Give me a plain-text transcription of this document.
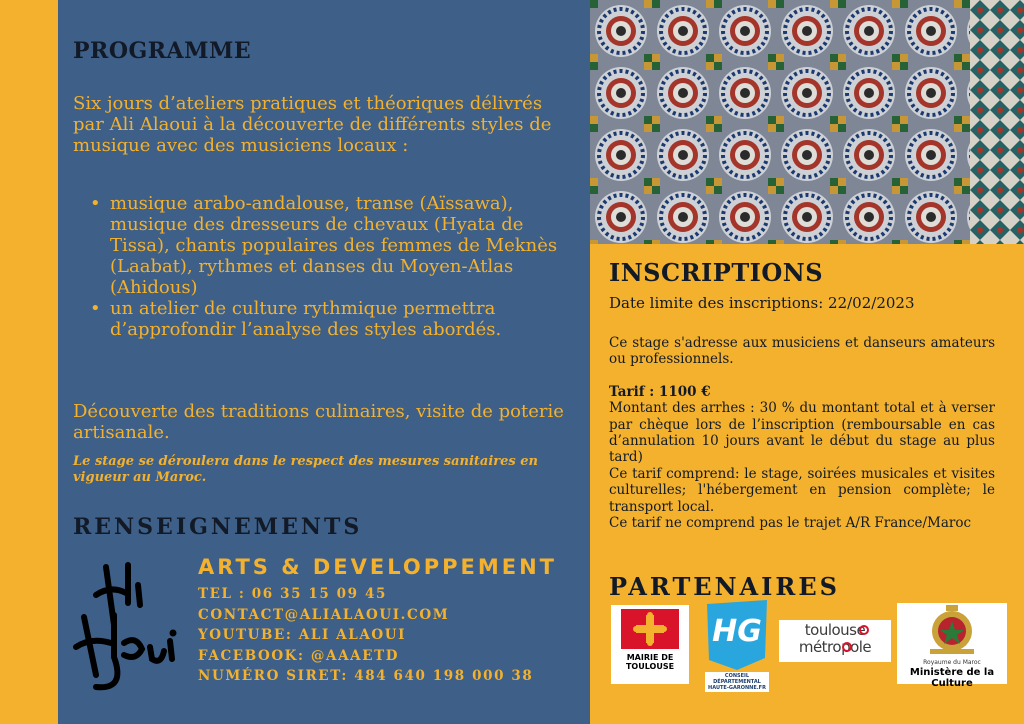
PROGRAMME

Six jours d’ateliers pratiques et théoriques délivrés par Ali Alaoui à la découverte de différents styles de musique avec des musiciens locaux :

• musique arabo-andalouse, transe (Aïssawa), musique des dresseurs de chevaux (Hyata de Tissa), chants populaires des femmes de Meknès (Laabat), rythmes et danses du Moyen-Atlas (Ahidous)
• un atelier de culture rythmique permettra d’approfondir l’analyse des styles abordés.

Découverte des traditions culinaires, visite de poterie artisanale.

Le stage se déroulera dans le respect des mesures sanitaires en vigueur au Maroc.

RENSEIGNEMENTS
ARTS & DEVELOPPEMENT
TEL : 06 35 15 09 45
CONTACT@ALIALAOUI.COM
YOUTUBE: ALI ALAOUI
FACEBOOK: @AAAETD
NUMÉRO SIRET: 484 640 198 000 38
INSCRIPTIONS

Date limite des inscriptions: 22/02/2023

Ce stage s'adresse aux musiciens et danseurs amateurs ou professionnels.

Tarif : 1100 €

Montant des arrhes : 30 % du montant total et à verser par chèque lors de l’inscription (remboursable en cas d’annulation 10 jours avant le début du stage au plus tard)

Ce tarif comprend: le stage, soirées musicales et visites culturelles; l'hébergement en pension complète; le transport local.

Ce tarif ne comprend pas le trajet A/R France/Maroc

PARTENAIRES
MAIRIE DE TOULOUSE
HG
CONSEIL DÉPARTEMENTAL HAUTE-GARONNE.FR
toulouse
métropole
Royaume du Maroc
Ministère de la Culture
